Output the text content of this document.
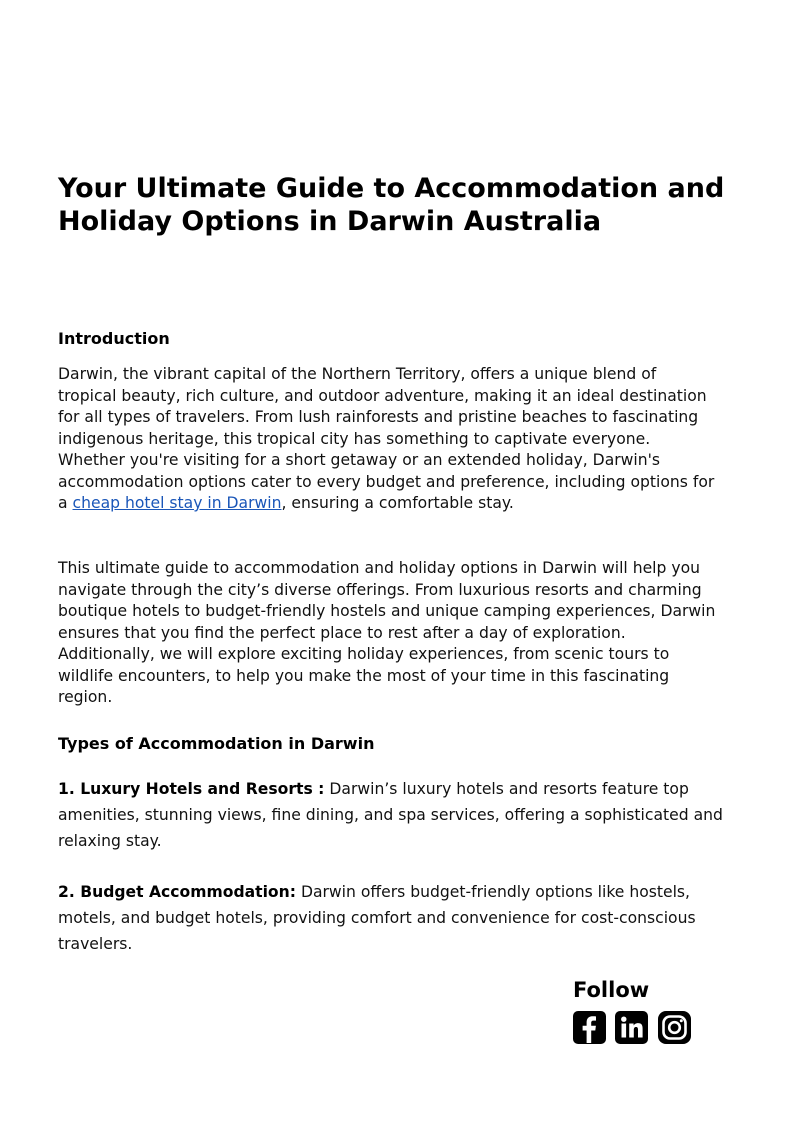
Your Ultimate Guide to Accommodation and Holiday Options in Darwin Australia
Introduction

Darwin, the vibrant capital of the Northern Territory, offers a unique blend of tropical beauty, rich culture, and outdoor adventure, making it an ideal destination for all types of travelers. From lush rainforests and pristine beaches to fascinating indigenous heritage, this tropical city has something to captivate everyone. Whether you're visiting for a short getaway or an extended holiday, Darwin's accommodation options cater to every budget and preference, including options for a cheap hotel stay in Darwin, ensuring a comfortable stay.

This ultimate guide to accommodation and holiday options in Darwin will help you navigate through the city’s diverse offerings. From luxurious resorts and charming boutique hotels to budget-friendly hostels and unique camping experiences, Darwin ensures that you find the perfect place to rest after a day of exploration. Additionally, we will explore exciting holiday experiences, from scenic tours to wildlife encounters, to help you make the most of your time in this fascinating region.

Types of Accommodation in Darwin

1. Luxury Hotels and Resorts : Darwin’s luxury hotels and resorts feature top amenities, stunning views, fine dining, and spa services, offering a sophisticated and relaxing stay.

2. Budget Accommodation: Darwin offers budget-friendly options like hostels, motels, and budget hotels, providing comfort and convenience for cost-conscious travelers.

Follow
